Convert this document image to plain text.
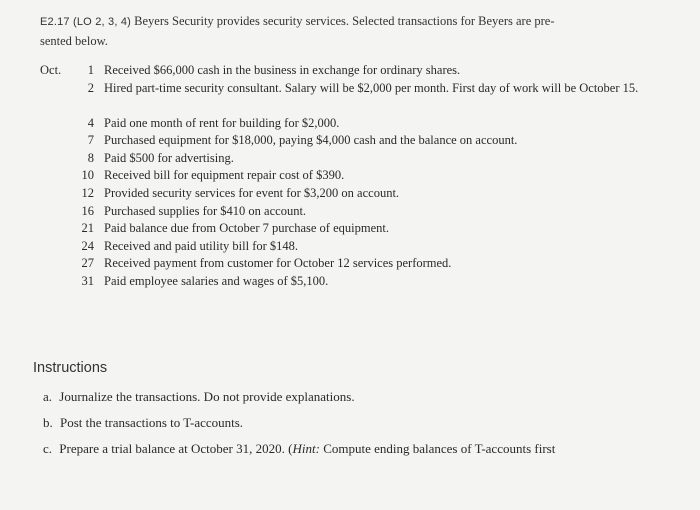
E2.17 (LO 2, 3, 4) Beyers Security provides security services. Selected transactions for Beyers are pre-
sented below.
Oct.	1 Received $66,000 cash in the business in exchange for ordinary shares.
2 Hired part-time security consultant. Salary will be $2,000 per month. First day of work will be October 15.
4 Paid one month of rent for building for $2,000.
7 Purchased equipment for $18,000, paying $4,000 cash and the balance on account.
8 Paid $500 for advertising.
10 Received bill for equipment repair cost of $390.
12 Provided security services for event for $3,200 on account.
16 Purchased supplies for $410 on account.
21 Paid balance due from October 7 purchase of equipment.
24 Received and paid utility bill for $148.
27 Received payment from customer for October 12 services performed.
31 Paid employee salaries and wages of $5,100.
Instructions
a. Journalize the transactions. Do not provide explanations.
b. Post the transactions to T-accounts.
c. Prepare a trial balance at October 31, 2020. (Hint: Compute ending balances of T-accounts first
